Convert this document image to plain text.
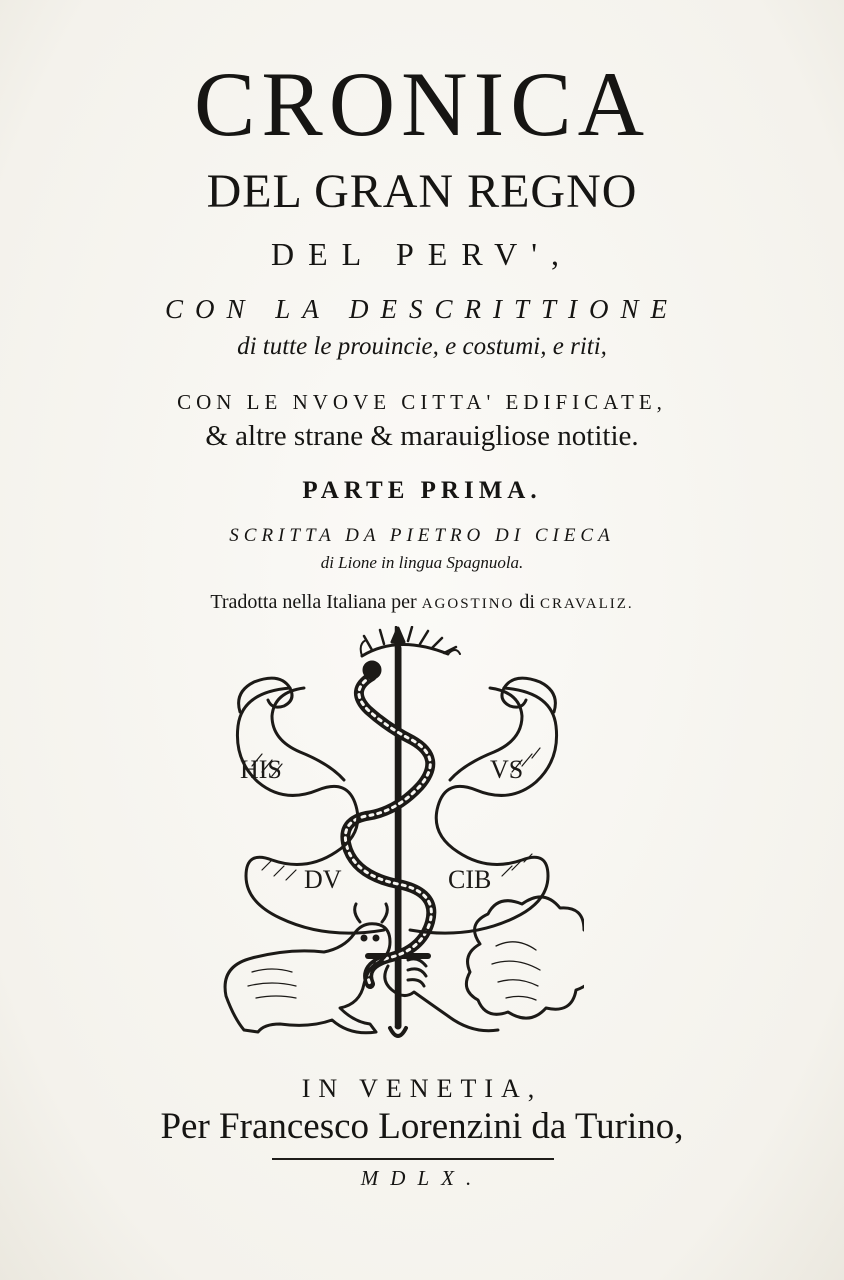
CRONICA
DEL GRAN REGNO
DEL PERV',
CON LA DESCRITTIONE
di tutte le prouincie, e costumi, e riti,
CON LE NVOVE CITTA' EDIFICATE,
& altre strane & marauigliose notitie.
PARTE PRIMA.
SCRITTA DA PIETRO DI CIECA
di Lione in lingua Spagnuola.
Tradotta nella Italiana per AGOSTINO di CRAVALIZ.
HIS	VS
DV	CIB
IN VENETIA,
Per Francesco Lorenzini da Turino,
MDLX.
